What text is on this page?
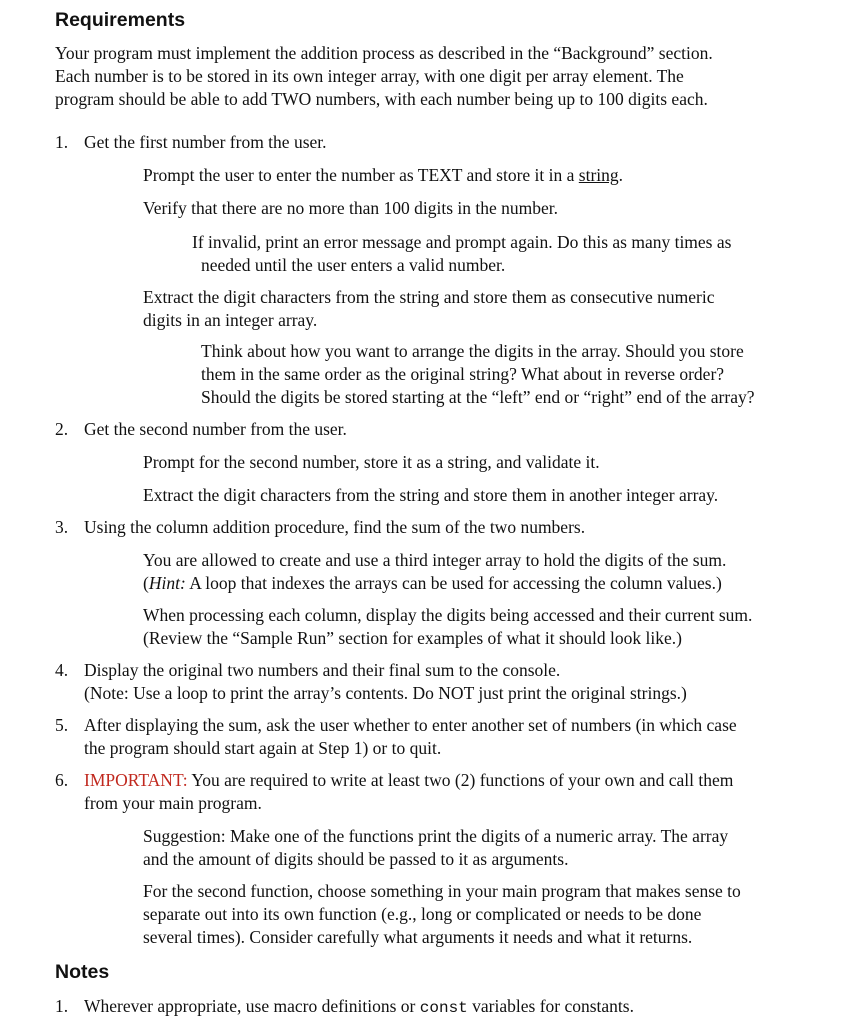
Requirements
Your program must implement the addition process as described in the “Background” section.
Each number is to be stored in its own integer array, with one digit per array element. The
program should be able to add TWO numbers, with each number being up to 100 digits each.
1. Get the first number from the user.
Prompt the user to enter the number as TEXT and store it in a string.
Verify that there are no more than 100 digits in the number.
If invalid, print an error message and prompt again. Do this as many times as
needed until the user enters a valid number.
Extract the digit characters from the string and store them as consecutive numeric
digits in an integer array.
Think about how you want to arrange the digits in the array. Should you store
them in the same order as the original string? What about in reverse order?
Should the digits be stored starting at the “left” end or “right” end of the array?
2. Get the second number from the user.
Prompt for the second number, store it as a string, and validate it.
Extract the digit characters from the string and store them in another integer array.
3. Using the column addition procedure, find the sum of the two numbers.
You are allowed to create and use a third integer array to hold the digits of the sum.
(Hint: A loop that indexes the arrays can be used for accessing the column values.)
When processing each column, display the digits being accessed and their current sum.
(Review the “Sample Run” section for examples of what it should look like.)
4. Display the original two numbers and their final sum to the console.
(Note: Use a loop to print the array’s contents. Do NOT just print the original strings.)
5. After displaying the sum, ask the user whether to enter another set of numbers (in which case
the program should start again at Step 1) or to quit.
6. IMPORTANT: You are required to write at least two (2) functions of your own and call them
from your main program.
Suggestion: Make one of the functions print the digits of a numeric array. The array
and the amount of digits should be passed to it as arguments.
For the second function, choose something in your main program that makes sense to
separate out into its own function (e.g., long or complicated or needs to be done
several times). Consider carefully what arguments it needs and what it returns.
Notes
1. Wherever appropriate, use macro definitions or const variables for constants.
